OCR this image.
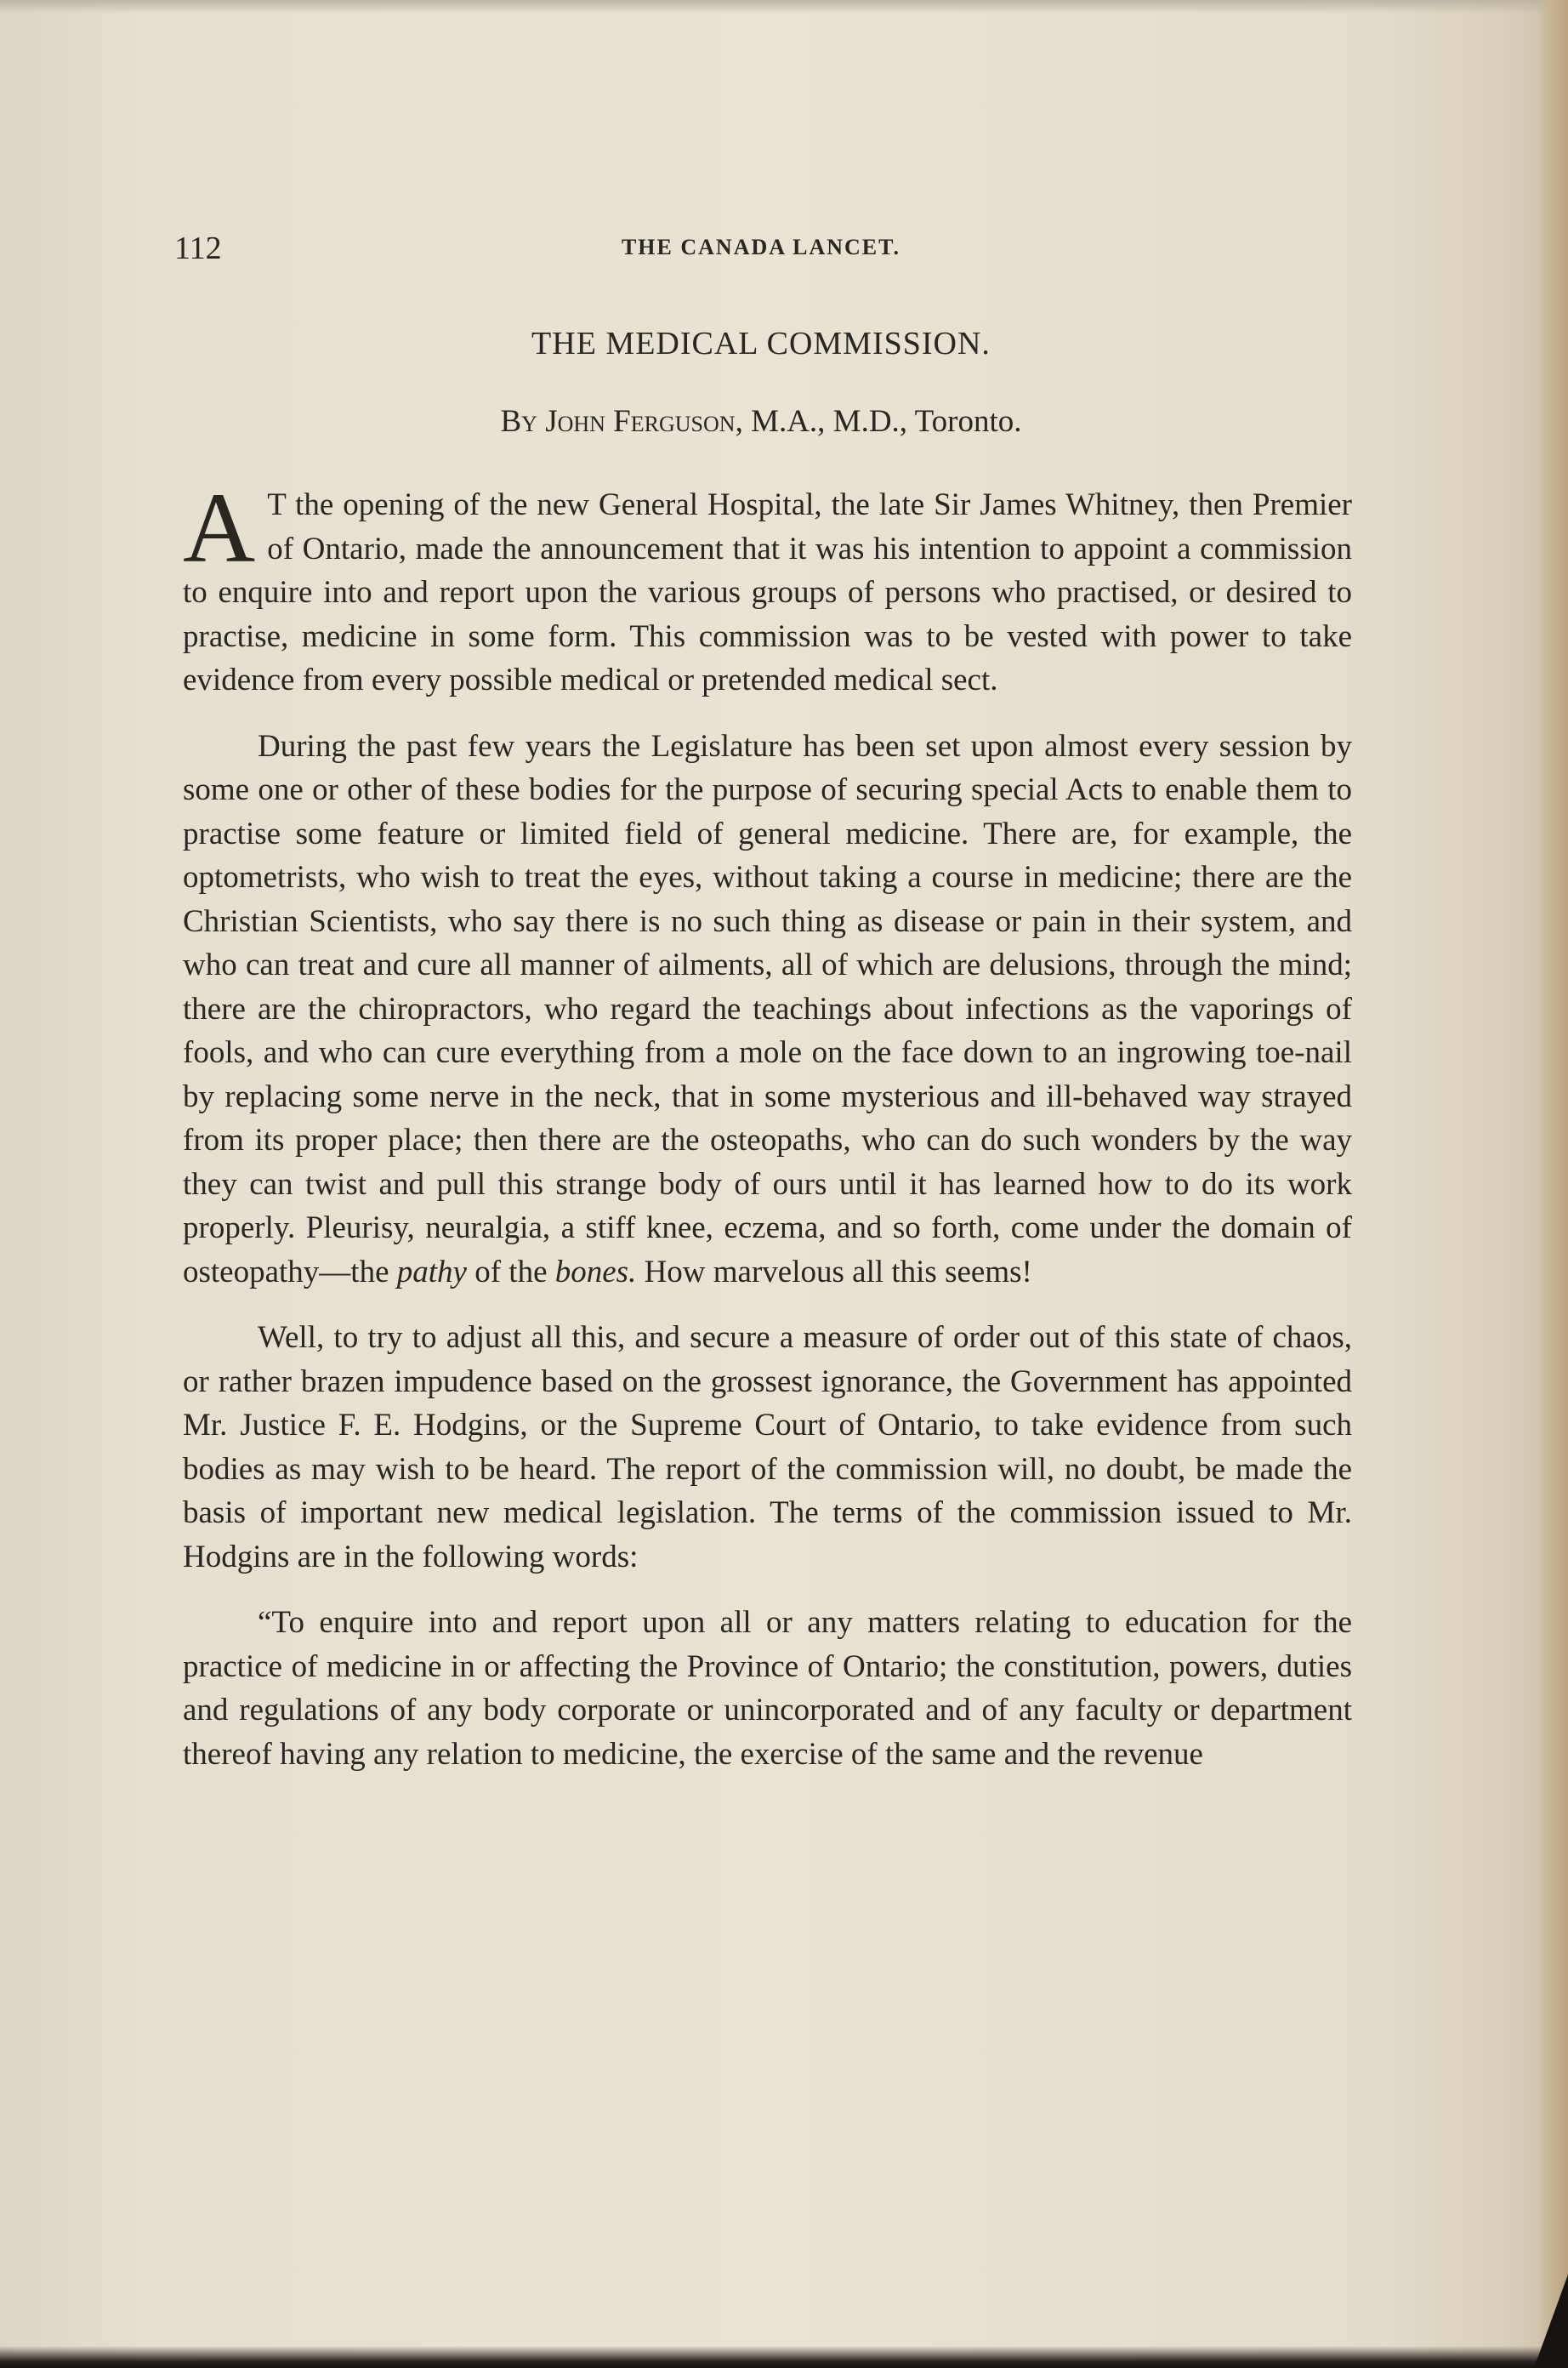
112	THE CANADA LANCET.
THE MEDICAL COMMISSION.
By John Ferguson, M.A., M.D., Toronto.

A T the opening of the new General Hospital, the late Sir James Whitney, then Premier of Ontario, made the announcement that it was his intention to appoint a commission to enquire into and report upon the various groups of persons who practised, or desired to practise, medicine in some form. This commission was to be vested with power to take evidence from every possible medical or pretended medical sect.

During the past few years the Legislature has been set upon almost every session by some one or other of these bodies for the purpose of securing special Acts to enable them to practise some feature or limited field of general medicine. There are, for example, the optometrists, who wish to treat the eyes, without taking a course in medicine; there are the Christian Scientists, who say there is no such thing as disease or pain in their system, and who can treat and cure all manner of ailments, all of which are delusions, through the mind; there are the chiropractors, who regard the teachings about infections as the vaporings of fools, and who can cure everything from a mole on the face down to an ingrowing toe-nail by replacing some nerve in the neck, that in some mysterious and ill-behaved way strayed from its proper place; then there are the osteopaths, who can do such wonders by the way they can twist and pull this strange body of ours until it has learned how to do its work properly. Pleurisy, neuralgia, a stiff knee, eczema, and so forth, come under the domain of osteopathy—the pathy of the bones. How marvelous all this seems!

Well, to try to adjust all this, and secure a measure of order out of this state of chaos, or rather brazen impudence based on the grossest ignorance, the Government has appointed Mr. Justice F. E. Hodgins, or the Supreme Court of Ontario, to take evidence from such bodies as may wish to be heard. The report of the commission will, no doubt, be made the basis of important new medical legislation. The terms of the commission issued to Mr. Hodgins are in the following words:

“To enquire into and report upon all or any matters relating to education for the practice of medicine in or affecting the Province of Ontario; the constitution, powers, duties and regulations of any body corporate or unincorporated and of any faculty or department thereof having any relation to medicine, the exercise of the same and the revenue
